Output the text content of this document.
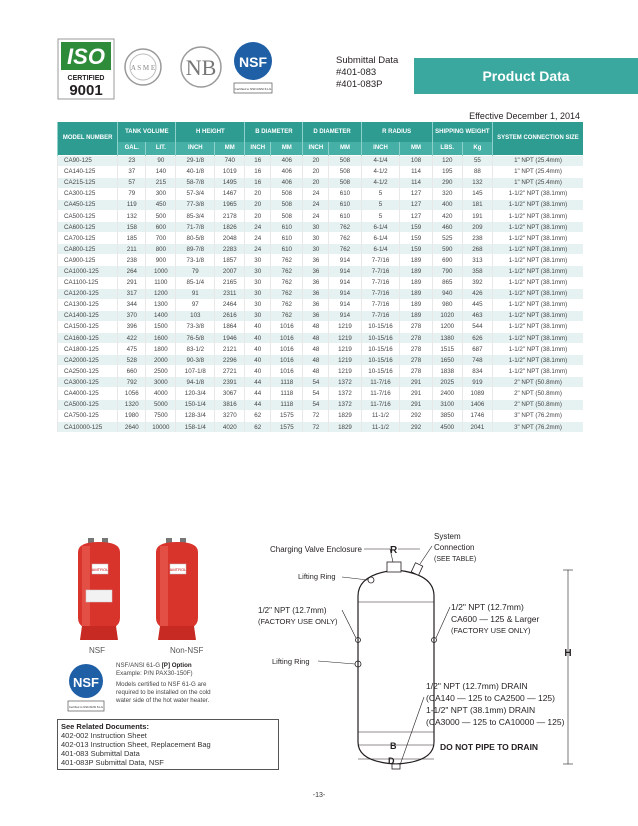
ISO
CERTIFIED
9001
A S M E NB NSF
Certified to NSF/ANSI 61-G
Submittal Data
#401-083
#401-083P
Product Data
Effective December 1, 2014
MODEL NUMBER	TANK VOLUME		H HEIGHT		B DIAMETER		D DIAMETER		R RADIUS		SHIPPING WEIGHT		SYSTEM CONNECTION SIZE
	GAL.	LIT.	INCH	MM	INCH	MM	INCH	MM	INCH	MM	LBS.	Kg	
CA90-125	23	90	29-1/8	740	16	406	20	508	4-1/4	108	120	55	1" NPT (25.4mm)
CA140-125	37	140	40-1/8	1019	16	406	20	508	4-1/2	114	195	88	1" NPT (25.4mm)
CA215-125	57	215	58-7/8	1495	16	406	20	508	4-1/2	114	290	132	1" NPT (25.4mm)
CA300-125	79	300	57-3/4	1467	20	508	24	610	5	127	320	145	1-1/2" NPT (38.1mm)
CA450-125	119	450	77-3/8	1965	20	508	24	610	5	127	400	181	1-1/2" NPT (38.1mm)
CA500-125	132	500	85-3/4	2178	20	508	24	610	5	127	420	191	1-1/2" NPT (38.1mm)
CA600-125	158	600	71-7/8	1826	24	610	30	762	6-1/4	159	460	209	1-1/2" NPT (38.1mm)
CA700-125	185	700	80-5/8	2048	24	610	30	762	6-1/4	159	525	238	1-1/2" NPT (38.1mm)
CA800-125	211	800	89-7/8	2283	24	610	30	762	6-1/4	159	590	268	1-1/2" NPT (38.1mm)
CA900-125	238	900	73-1/8	1857	30	762	36	914	7-7/16	189	690	313	1-1/2" NPT (38.1mm)
CA1000-125	264	1000	79	2007	30	762	36	914	7-7/16	189	790	358	1-1/2" NPT (38.1mm)
CA1100-125	291	1100	85-1/4	2165	30	762	36	914	7-7/16	189	865	392	1-1/2" NPT (38.1mm)
CA1200-125	317	1200	91	2311	30	762	36	914	7-7/16	189	940	426	1-1/2" NPT (38.1mm)
CA1300-125	344	1300	97	2464	30	762	36	914	7-7/16	189	980	445	1-1/2" NPT (38.1mm)
CA1400-125	370	1400	103	2616	30	762	36	914	7-7/16	189	1020	463	1-1/2" NPT (38.1mm)
CA1500-125	396	1500	73-3/8	1864	40	1016	48	1219	10-15/16	278	1200	544	1-1/2" NPT (38.1mm)
CA1600-125	422	1600	76-5/8	1946	40	1016	48	1219	10-15/16	278	1380	626	1-1/2" NPT (38.1mm)
CA1800-125	475	1800	83-1/2	2121	40	1016	48	1219	10-15/16	278	1515	687	1-1/2" NPT (38.1mm)
CA2000-125	528	2000	90-3/8	2296	40	1016	48	1219	10-15/16	278	1650	748	1-1/2" NPT (38.1mm)
CA2500-125	660	2500	107-1/8	2721	40	1016	48	1219	10-15/16	278	1838	834	1-1/2" NPT (38.1mm)
CA3000-125	792	3000	94-1/8	2391	44	1118	54	1372	11-7/16	291	2025	919	2" NPT (50.8mm)
CA4000-125	1056	4000	120-3/4	3067	44	1118	54	1372	11-7/16	291	2400	1089	2" NPT (50.8mm)
CA5000-125	1320	5000	150-1/4	3816	44	1118	54	1372	11-7/16	291	3100	1406	2" NPT (50.8mm)
CA7500-125	1980	7500	128-3/4	3270	62	1575	72	1829	11-1/2	292	3850	1746	3" NPT (76.2mm)
CA10000-125	2640	10000	158-1/4	4020	62	1575	72	1829	11-1/2	292	4500	2041	3" NPT (76.2mm)
AMTROL	AMTROL
NSF	Non-NSF
NSF
Certified to NSF/ANSI 61-G
NSF/ANSI 61-G [P] Option
Example: P/N PAX30-150F)
Models certified to NSF 61-G are
required to be installed on the cold
water side of the hot water heater.
See Related Documents:
402-002 Instruction Sheet
402-013 Instruction Sheet, Replacement Bag
401-083 Submittal Data
401-083P Submittal Data, NSF
Charging Valve Enclosure	R
System
Connection
(SEE TABLE)
Lifting Ring
1/2" NPT (12.7mm)
(FACTORY USE ONLY)
1/2" NPT (12.7mm)
CA600 — 125 & Larger
(FACTORY USE ONLY)
H
Lifting Ring
1/2" NPT (12.7mm) DRAIN
(CA140 — 125 to CA2500 — 125)
1-1/2" NPT (38.1mm) DRAIN
(CA3000 — 125 to CA10000 — 125)
B
D
DO NOT PIPE TO DRAIN
-13-
